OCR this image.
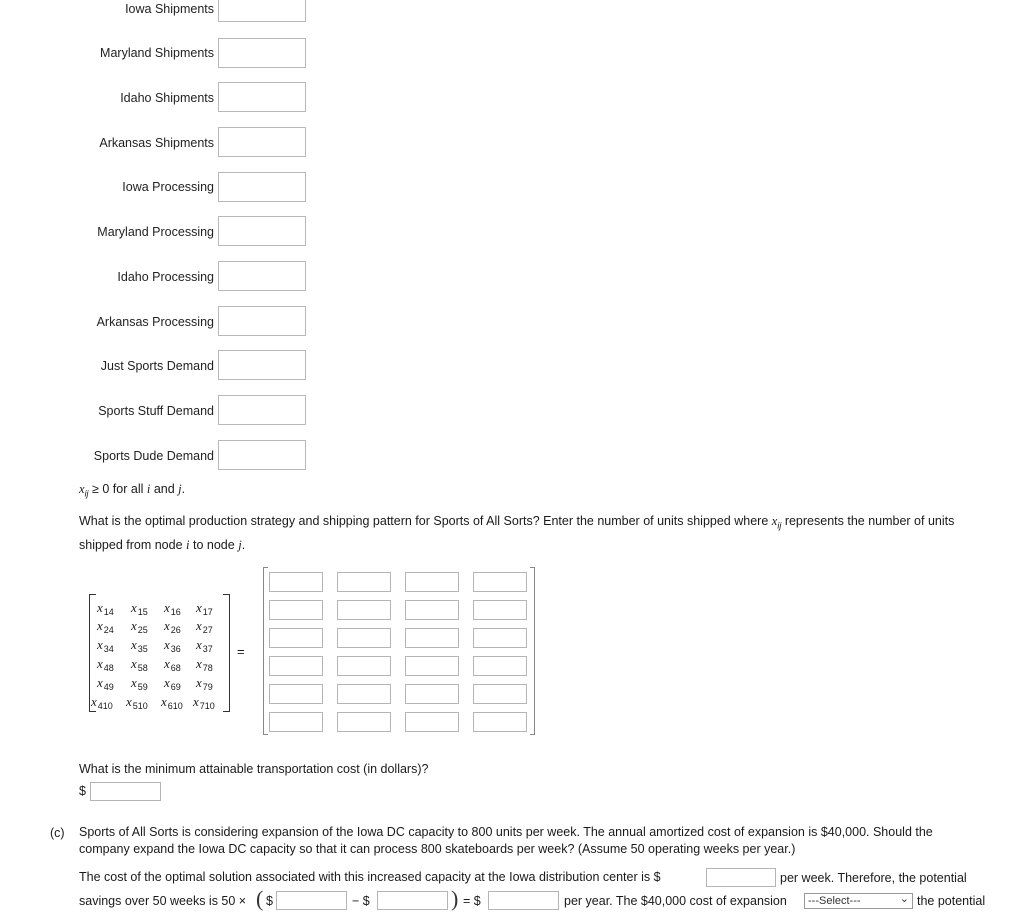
Iowa Shipments
Maryland Shipments
Idaho Shipments
Arkansas Shipments
Iowa Processing
Maryland Processing
Idaho Processing
Arkansas Processing
Just Sports Demand
Sports Stuff Demand
Sports Dude Demand
$x_{ij} \ge 0$ for all i and j.
What is the optimal production strategy and shipping pattern for Sports of All Sorts? Enter the number of units shipped where $x_{ij}$ represents the number of units
shipped from node i to node j.
$x_{14}$ $x_{15}$ $x_{16}$ $x_{17}$
$x_{24}$ $x_{25}$ $x_{26}$ $x_{27}$
$x_{34}$ $x_{35}$ $x_{36}$ $x_{37}$
$x_{48}$ $x_{58}$ $x_{68}$ $x_{78}$
$x_{49}$ $x_{59}$ $x_{69}$ $x_{79}$
$x_{410}$ $x_{510}$ $x_{610}$ $x_{710}$
=
What is the minimum attainable transportation cost (in dollars)?
$
(c) Sports of All Sorts is considering expansion of the Iowa DC capacity to 800 units per week. The annual amortized cost of expansion is $40,000. Should the
company expand the Iowa DC capacity so that it can process 800 skateboards per week? (Assume 50 operating weeks per year.)
The cost of the optimal solution associated with this increased capacity at the Iowa distribution center is $	per week. Therefore, the potential
savings over 50 weeks is 50 × ( $	− $	) = $	per year. The $40,000 cost of expansion	---Select---	⌄ the potential
